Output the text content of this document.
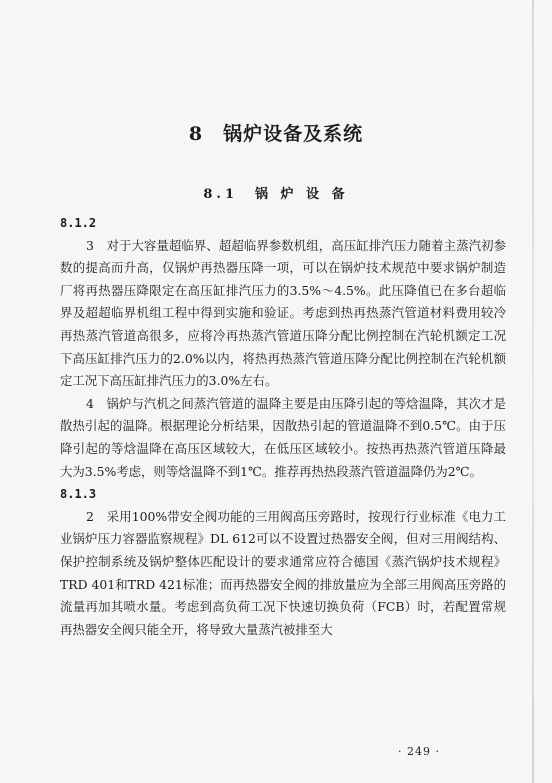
8　锅炉设备及系统
8.1　锅 炉 设 备

8.1.2

3　对于大容量超临界、超超临界参数机组，高压缸排汽压力随着主蒸汽初参数的提高而升高，仅锅炉再热器压降一项，可以在锅炉技术规范中要求锅炉制造厂将再热器压降限定在高压缸排汽压力的3.5%～4.5%。此压降值已在多台超临界及超超临界机组工程中得到实施和验证。考虑到热再热蒸汽管道材料费用较冷再热蒸汽管道高很多，应将冷再热蒸汽管道压降分配比例控制在汽轮机额定工况下高压缸排汽压力的2.0%以内，将热再热蒸汽管道压降分配比例控制在汽轮机额定工况下高压缸排汽压力的3.0%左右。

4　锅炉与汽机之间蒸汽管道的温降主要是由压降引起的等焓温降，其次才是散热引起的温降。根据理论分析结果，因散热引起的管道温降不到0.5℃。由于压降引起的等焓温降在高压区域较大，在低压区域较小。按热再热蒸汽管道压降最大为3.5%考虑，则等焓温降不到1℃。推荐再热热段蒸汽管道温降仍为2℃。

8.1.3

2　采用100%带安全阀功能的三用阀高压旁路时，按现行行业标准《电力工业锅炉压力容器监察规程》DL 612可以不设置过热器安全阀，但对三用阀结构、保护控制系统及锅炉整体匹配设计的要求通常应符合德国《蒸汽锅炉技术规程》TRD 401和TRD 421标准；而再热器安全阀的排放量应为全部三用阀高压旁路的流量再加其喷水量。考虑到高负荷工况下快速切换负荷（FCB）时，若配置常规再热器安全阀只能全开，将导致大量蒸汽被排至大

· 249 ·
